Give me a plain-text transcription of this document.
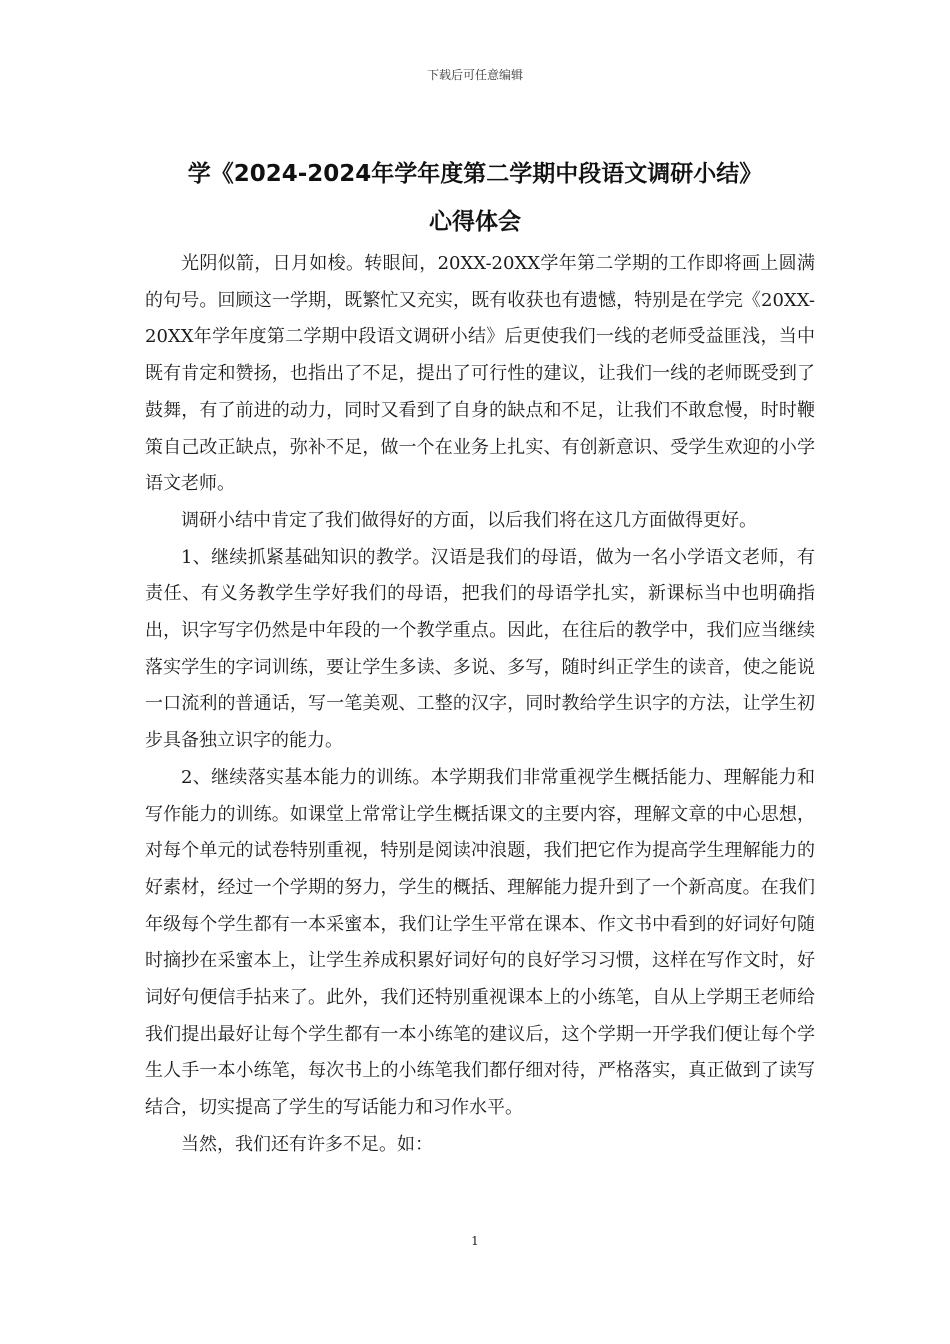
下载后可任意编辑
学《2024-2024年学年度第二学期中段语文调研小结》
心得体会

光阴似箭，日月如梭。转眼间，20XX-20XX学年第二学期的工作即将画上圆满的句号。回顾这一学期，既繁忙又充实，既有收获也有遗憾，特别是在学完《20XX-20XX年学年度第二学期中段语文调研小结》后更使我们一线的老师受益匪浅，当中既有肯定和赞扬，也指出了不足，提出了可行性的建议，让我们一线的老师既受到了鼓舞，有了前进的动力，同时又看到了自身的缺点和不足，让我们不敢怠慢，时时鞭策自己改正缺点，弥补不足，做一个在业务上扎实、有创新意识、受学生欢迎的小学语文老师。

调研小结中肯定了我们做得好的方面，以后我们将在这几方面做得更好。

1、继续抓紧基础知识的教学。汉语是我们的母语，做为一名小学语文老师，有责任、有义务教学生学好我们的母语，把我们的母语学扎实，新课标当中也明确指出，识字写字仍然是中年段的一个教学重点。因此，在往后的教学中，我们应当继续落实学生的字词训练，要让学生多读、多说、多写，随时纠正学生的读音，使之能说一口流利的普通话，写一笔美观、工整的汉字，同时教给学生识字的方法，让学生初步具备独立识字的能力。

2、继续落实基本能力的训练。本学期我们非常重视学生概括能力、理解能力和写作能力的训练。如课堂上常常让学生概括课文的主要内容，理解文章的中心思想，对每个单元的试卷特别重视，特别是阅读冲浪题，我们把它作为提高学生理解能力的好素材，经过一个学期的努力，学生的概括、理解能力提升到了一个新高度。在我们年级每个学生都有一本采蜜本，我们让学生平常在课本、作文书中看到的好词好句随时摘抄在采蜜本上，让学生养成积累好词好句的良好学习习惯，这样在写作文时，好词好句便信手拈来了。此外，我们还特别重视课本上的小练笔，自从上学期王老师给我们提出最好让每个学生都有一本小练笔的建议后，这个学期一开学我们便让每个学生人手一本小练笔，每次书上的小练笔我们都仔细对待，严格落实，真正做到了读写结合，切实提高了学生的写话能力和习作水平。

当然，我们还有许多不足。如：

1
